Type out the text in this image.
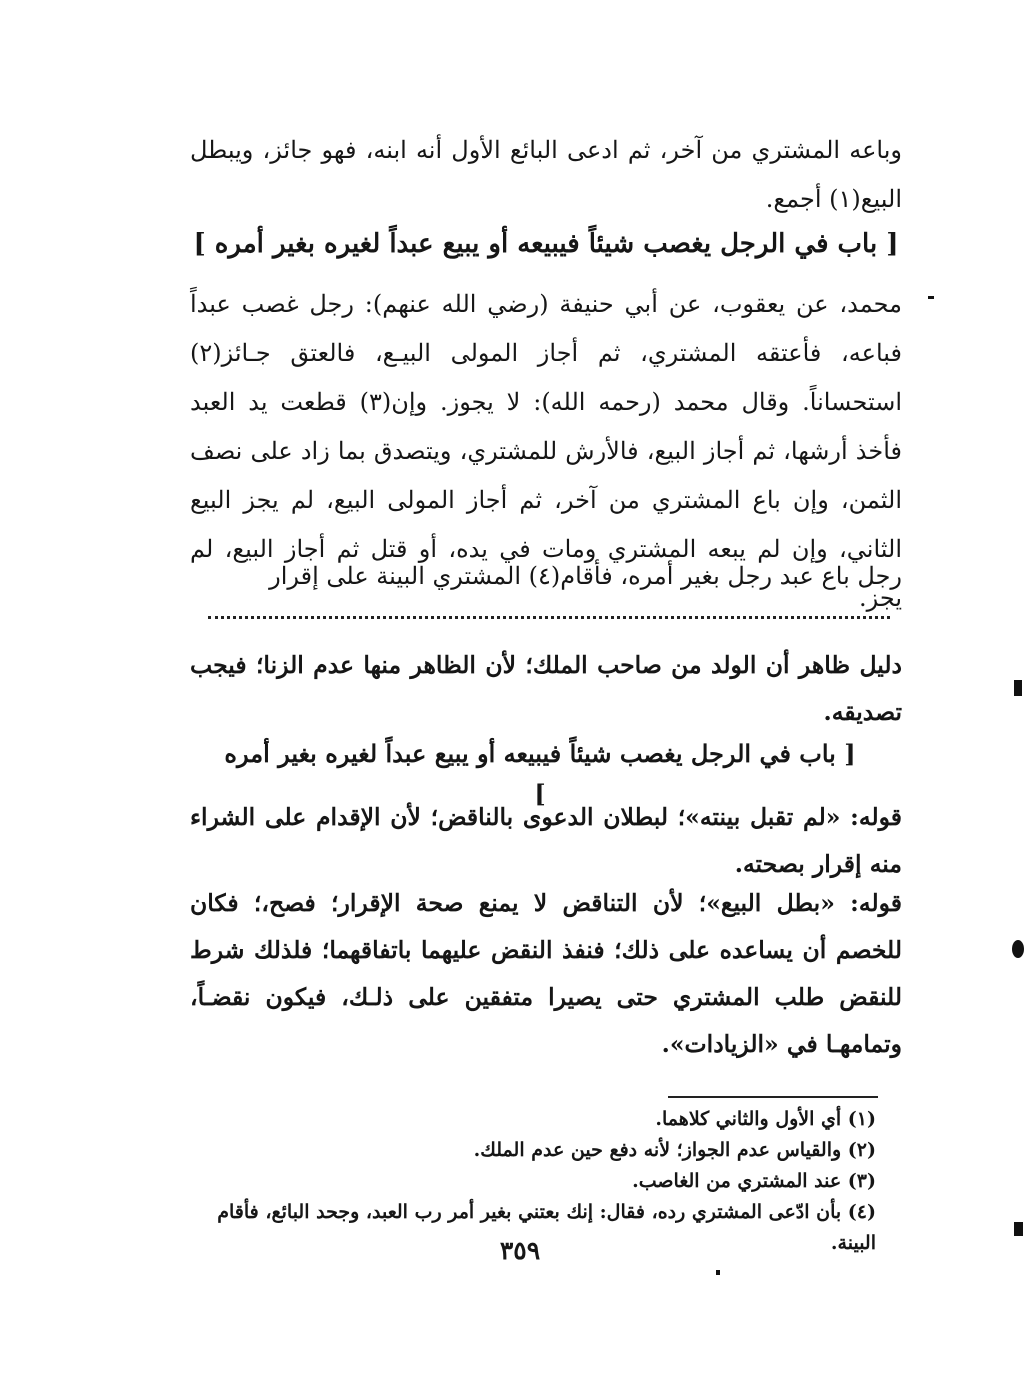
وباعه المشتري من آخر، ثم ادعى البائع الأول أنه ابنه، فهو جائز، ويبطل البيع(١) أجمع.

[ باب في الرجل يغصب شيئاً فيبيعه أو يبيع عبداً لغيره بغير أمره ]

محمد، عن يعقوب، عن أبي حنيفة (رضي الله عنهم): رجل غصب عبداً فباعه، فأعتقه المشتري، ثم أجاز المولى البيـع، فالعتق جـائز(٢) استحساناً. وقال محمد (رحمه الله): لا يجوز. وإن(٣) قطعت يد العبد فأخذ أرشها، ثم أجاز البيع، فالأرش للمشتري، ويتصدق بما زاد على نصف الثمن، وإن باع المشتري من آخر، ثم أجاز المولى البيع، لم يجز البيع الثاني، وإن لم يبعه المشتري ومات في يده، أو قتل ثم أجاز البيع، لم يجز.

رجل باع عبد رجل بغير أمره، فأقام(٤) المشتري البينة على إقرار

دليل ظاهر أن الولد من صاحب الملك؛ لأن الظاهر منها عدم الزنا؛ فيجب تصديقه.

[ باب في الرجل يغصب شيئاً فيبيعه أو يبيع عبداً لغيره بغير أمره ]

قوله: «لم تقبل بينته»؛ لبطلان الدعوى بالناقض؛ لأن الإقدام على الشراء منه إقرار بصحته.

قوله: «بطل البيع»؛ لأن التناقض لا يمنع صحة الإقرار؛ فصح،؛ فكان للخصم أن يساعده على ذلك؛ فنفذ النقض عليهما باتفاقهما؛ فلذلك شرط للنقض طلب المشتري حتى يصيرا متفقين على ذلـك، فيكون نقضـاً، وتمامهـا في «الزيادات».

(١) أي الأول والثاني كلاهما.
(٢) والقياس عدم الجواز؛ لأنه دفع حين عدم الملك.
(٣) عند المشتري من الغاصب.
(٤) بأن ادّعى المشتري رده، فقال: إنك بعتني بغير أمر رب العبد، وجحد البائع، فأقام البينة.
٣٥٩
